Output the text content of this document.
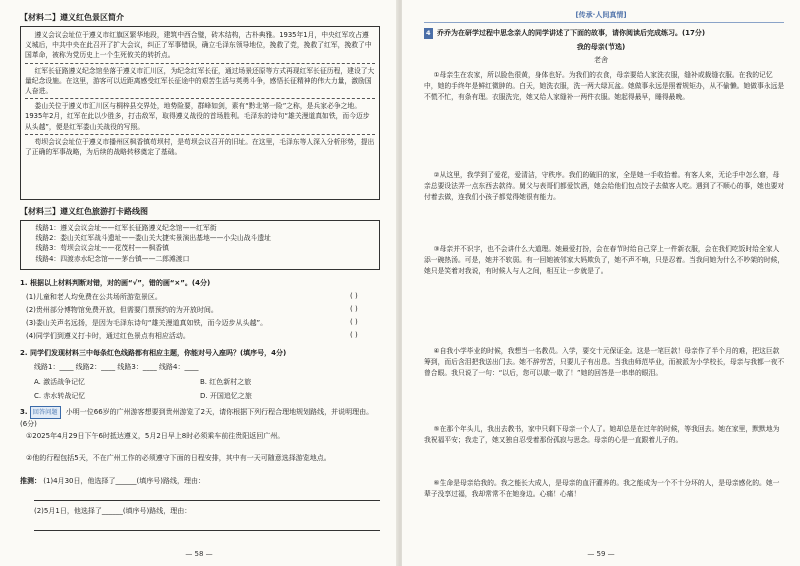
【材料二】遵义红色景区简介

遵义会议会址位于遵义市红旗区繁华地段，建筑中西合璧，砖木结构，古朴典雅。1935年1月，中央红军攻占遵义城后，中共中央在此召开了扩大会议，纠正了军事错误，确立毛泽东领导地位，挽救了党，挽救了红军，挽救了中国革命，被称为党历史上一个生死攸关的转折点。

红军长征路遵义纪念馆坐落于遵义市汇川区，为纪念红军长征，通过场景还原等方式再现红军长征历程，建设了大量纪念设施。在这里，游客可以近距离感受红军长征途中的艰苦生活与英勇斗争，感悟长征精神的伟大力量，激励国人奋进。

娄山关位于遵义市汇川区与桐梓县交界处，地势险要，群峰如剑，素有“黔北第一险”之称，是兵家必争之地。1935年2月，红军在此以少胜多，打击敌军，取得遵义战役的首场胜利。毛泽东的诗句“雄关漫道真如铁，而今迈步从头越”，便是红军娄山关战役的写照。

苟坝会议会址位于遵义市播州区枫香镇苟坝村，是苟坝会议召开的旧址。在这里，毛泽东等人深入分析形势，提出了正确的军事战略，为后续的战略转移奠定了基础。

【材料三】遵义红色旅游打卡路线图

线路1：遵义会议会址——红军长征路遵义纪念馆——红军街

线路2：娄山关红军战斗遗址——娄山关大捷实景演出基地——小尖山战斗遗址

线路3：苟坝会议会址——花茂村——枫香镇

线路4：四渡赤水纪念馆——茅台镇——二郎滩渡口

1. 根据以上材料判断对错，对的画“√”，错的画“×”。(4分)

(1)儿童和老人均免费在公共场所游览景区。

(2)贵州部分博物馆免费开放，但需要门票预约的为开放时间。

(3)娄山关声名远扬，是因为毛泽东诗句“雄关漫道真如铁，而今迈步从头越”。

(4)同学们到遵义打卡时，通过红色景点有相应活动。

( )
( )
( )
( )

2. 同学们发现材料三中每条红色线路都有相应主题，你能对号入座吗？(填序号，4分)

线路1：____ 线路2：____ 线路3：____ 线路4：____

A. 激活战争记忆	B. 红色新村之旅
C. 赤水转战记忆	D. 开国追忆之旅

3. 回答问题 小明一位66岁的广州游客想要到贵州游览了2天，请你根据下列行程合理地规划路线，并说明理由。(6分)

①2025年4月29日下午6时抵达遵义，5月2日早上8时必须乘车前往贵阳返回广州。

②他的行程包括5天，不在广州工作的必须遵守下面的日程安排，其中有一天可随意选择游览地点。

推测： (1)4月30日，他选择了______(填序号)路线，理由：

(2)5月1日，他选择了______(填序号)路线，理由：

— 58 —
[传承·人间真情]

4 乔乔为在研学过程中思念亲人的同学讲述了下面的故事，请你阅读后完成练习。(17分)

我的母亲(节选)

老舍

①母亲生在农家，所以脸色很黄，身体也好。为我们的衣食，母亲要给人家洗衣服，缝补或裁缝衣服。在我的记忆中，她的手终年是鲜红微肿的。白天，她洗衣服，洗一两大绿瓦盆。她做事永远是照着规矩办，从不偷懒。她做事永远是不慌不忙，有条有理。衣服洗完，她又给人家缝补一两件衣服。她起得最早，睡得最晚。

②从这里，我学到了爱花，爱清洁，守秩序。我们的破旧的家，全是她一手收拾着。有客人来，无论手中怎么窘，母亲总要设法弄一点东西去款待。舅父与表哥们都爱饮酒，她会给他们包点饺子去做客人吃。遇到了不顺心的事，她也要对付着去做，连我们小孩子都觉得她很有能力。

③母亲并不识字，也不会讲什么大道理。她最爱打扮，会在春节时给自己穿上一件新衣服，会在我们吃饭时给全家人添一碗热汤。可是，她并不软弱。有一回她被邻家大妈欺负了，她不声不响，只是忍着。当我问她为什么不吵架的时候，她只是笑着对我说，有时候人与人之间，相互让一步就是了。

④自我小学毕业的时候，我想当一名教员。入学，要交十元保证金。这是一笔巨款！母亲作了半个月的难，把这巨款筹到，而后含泪把我送出门去。她不辞劳苦，只要儿子有出息。当我由师范毕业，而被派为小学校长，母亲与我都一夜不曾合眼。我只说了一句：“以后，您可以歇一歇了！”她的回答是一串串的眼泪。

⑤在那个年头儿，我出去教书，家中只剩下母亲一个人了。她却总是在过年的时候，等我回去。她在家里，默默地为我祝福平安；我走了，她又独自忍受着那份孤寂与思念。母亲的心是一直跟着儿子的。

⑥生命是母亲给我的。我之能长大成人，是母亲的血汗灌养的。我之能成为一个不十分坏的人，是母亲感化的。她一辈子没享过福，我却常常不在她身边。心痛！心痛！

— 59 —
